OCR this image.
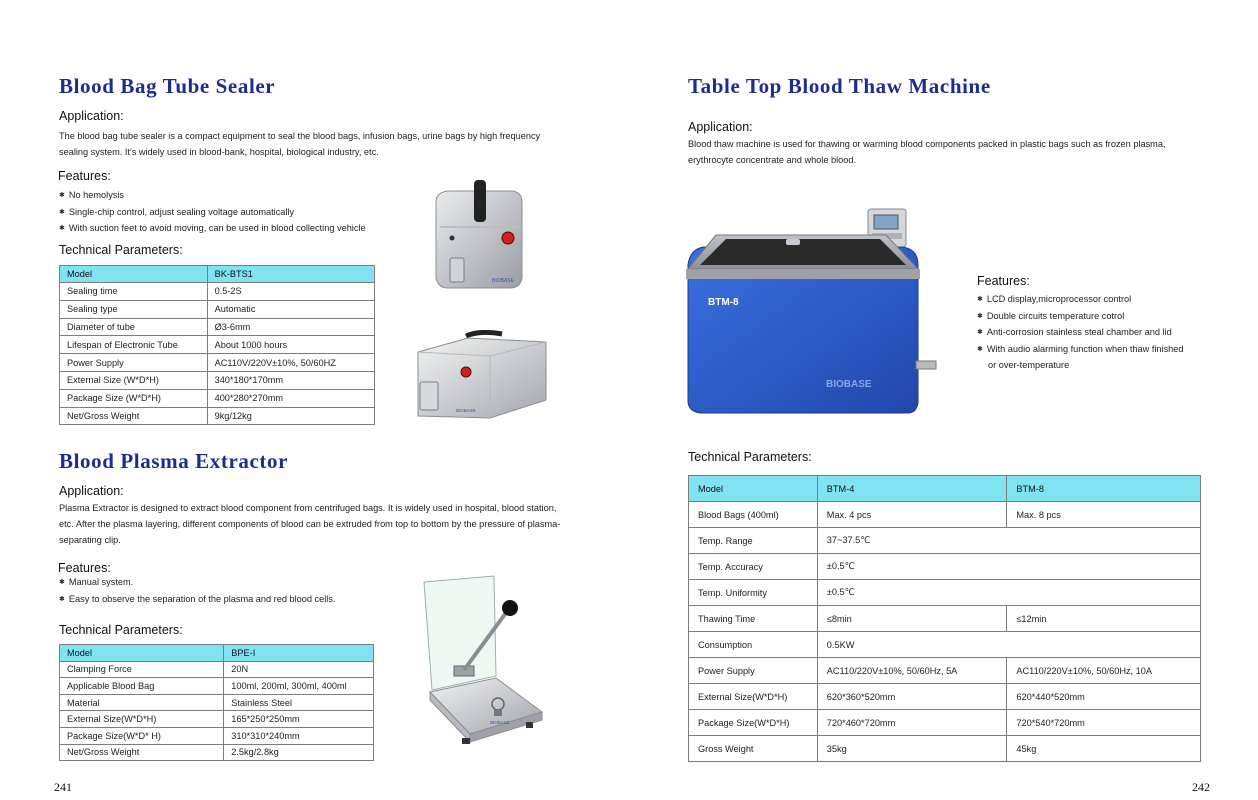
Blood Bag Tube Sealer
Application:
The blood bag tube sealer is a compact equipment to seal the blood bags, infusion bags, urine bags by high frequency sealing system. It's widely used in blood-bank, hospital, biological industry, etc.
Features:
✱ No hemolysis
✱ Single-chip control, adjust sealing voltage automatically
✱ With suction feet to avoid moving, can be used in blood collecting vehicle
Technical Parameters:
Model	BK-BTS1
Sealing time	0.5-2S
Sealing type	Automatic
Diameter of tube	Ø3-6mm
Lifespan of Electronic Tube	About 1000 hours
Power Supply	AC110V/220V±10%, 50/60HZ
External Size (W*D*H)	340*180*170mm
Package Size (W*D*H)	400*280*270mm
Net/Gross Weight	9kg/12kg
BIOBASE
BIOBASE
Blood Plasma Extractor
Application:
Plasma Extractor is designed to extract blood component from centrifuged bags. It is widely used in hospital, blood station, etc. After the plasma layering, different components of blood can be extruded from top to bottom by the pressure of plasma-separating clip.
Features:
✱ Manual system.
✱ Easy to observe the separation of the plasma and red blood cells.
Technical Parameters:
Model	BPE-I
Clamping Force	20N
Applicable Blood Bag	100ml, 200ml, 300ml, 400ml
Material	Stainless Steel
External Size(W*D*H)	165*250*250mm
Package Size(W*D* H)	310*310*240mm
Net/Gross Weight	2.5kg/2.8kg
BIOBASE
241
Table Top Blood Thaw Machine
Application:
Blood thaw machine is used for thawing or warming blood components packed in plastic bags such as frozen plasma, erythrocyte concentrate and whole blood.
BTM-8
BIOBASE
Features:
✱ LCD display,microprocessor control
✱ Double circuits temperature cotrol
✱ Anti-corrosion stainless steal chamber and lid
✱ With audio alarming function when thaw finished
or over-temperature
Technical Parameters:
Model	BTM-4	BTM-8
Blood Bags (400ml)	Max. 4 pcs	Max. 8 pcs
Temp. Range	37~37.5℃	
Temp. Accuracy	±0.5℃	
Temp. Uniformity	±0.5℃	
Thawing Time	≤8min	≤12min
Consumption	0.5KW	
Power Supply	AC110/220V±10%, 50/60Hz, 5A	AC110/220V±10%, 50/60Hz, 10A
External Size(W*D*H)	620*360*520mm	620*440*520mm
Package Size(W*D*H)	720*460*720mm	720*540*720mm
Gross Weight	35kg	45kg
242
